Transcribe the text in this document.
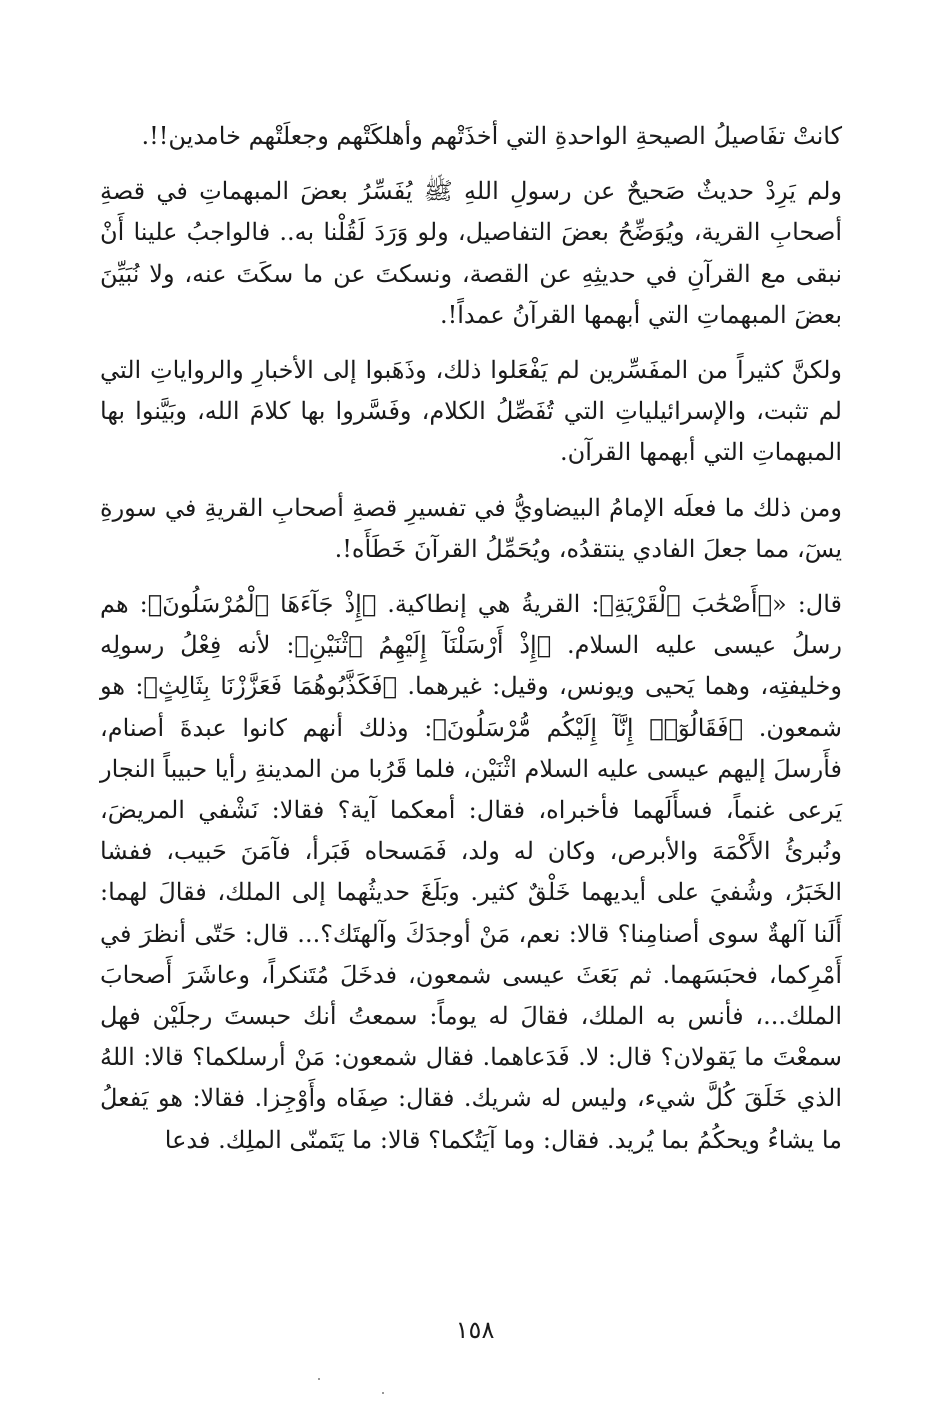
كانتْ تفَاصيلُ الصيحةِ الواحدةِ التي أخذَتْهم وأهلكَتْهم وجعلَتْهم خامدين!!.

ولم يَرِدْ حديثٌ صَحيحٌ عن رسولِ اللهِ ﷺ يُفَسِّرُ بعضَ المبهماتِ في قصةِ أصحابِ القرية، ويُوَضِّحُ بعضَ التفاصيل، ولو وَرَدَ لَقُلْنا به.. فالواجبُ علينا أَنْ نبقى مع القرآنِ في حديثِهِ عن القصة، ونسكتَ عن ما سكَتَ عنه، ولا نُبَيِّنَ بعضَ المبهماتِ التي أبهمها القرآنُ عمداً!.

ولكنَّ كثيراً من المفَسِّرين لم يَفْعَلوا ذلك، وذَهَبوا إلى الأخبارِ والرواياتِ التي لم تثبت، والإسرائيلياتِ التي تُفَصِّلُ الكلام، وفَسَّروا بها كلامَ الله، وبَيَّنوا بها المبهماتِ التي أبهمها القرآن.

ومن ذلك ما فعلَه الإمامُ البيضاويُّ في تفسيرِ قصةِ أصحابِ القريةِ في سورةِ يسٓ، مما جعلَ الفادي ينتقدُه، ويُحَمِّلُ القرآنَ خَطَأَه!.

قال: «﴿أَصْحَٰبَ ٱلْقَرْيَةِ﴾: القريةُ هي إنطاكية. ﴿إِذْ جَآءَهَا ٱلْمُرْسَلُونَ﴾: هم رسلُ عيسى عليه السلام. ﴿إِذْ أَرْسَلْنَآ إِلَيْهِمُ ٱثْنَيْنِ﴾: لأنه فِعْلُ رسولِه وخليفتِه، وهما يَحيى ويونس، وقيل: غيرهما. ﴿فَكَذَّبُوهُمَا فَعَزَّزْنَا بِثَالِثٍ﴾: هو شمعون. ﴿فَقَالُوٓا۟ إِنَّآ إِلَيْكُم مُّرْسَلُونَ﴾: وذلك أنهم كانوا عبدةَ أصنام، فأَرسلَ إليهم عيسى عليه السلام اثْنَيْن، فلما قَرُبا من المدينةِ رأيا حبيباً النجار يَرعى غنماً، فسأَلَهما فأخبراه، فقال: أمعكما آية؟ فقالا: نَشْفي المريضَ، ونُبرئُ الأَكْمَهَ والأبرص، وكان له ولد، فَمَسحاه فَبَرأ، فآمَنَ حَبيب، ففشا الخَبَرُ، وشُفيَ على أيديهما خَلْقٌ كثير. وبَلَغَ حديثُهما إلى الملك، فقالَ لهما: أَلَنا آلهةٌ سوى أصنامِنا؟ قالا: نعم، مَنْ أوجدَكَ وآلهتَك؟... قال: حَتّى أنظرَ في أَمْرِكما، فحبَسَهما. ثم بَعَثَ عيسى شمعون، فدخَلَ مُتَنكراً، وعاشَرَ أَصحابَ الملك...، فأنس به الملك، فقالَ له يوماً: سمعتُ أنك حبستَ رجلَيْن فهل سمعْتَ ما يَقولان؟ قال: لا. فَدَعاهما. فقال شمعون: مَنْ أرسلكما؟ قالا: اللهُ الذي خَلَقَ كُلَّ شيء، وليس له شريك. فقال: صِفَاه وأَوْجِزا. فقالا: هو يَفعلُ ما يشاءُ ويحكُمُ بما يُريد. فقال: وما آيَتُكما؟ قالا: ما يَتَمنّى الملِك. فدعا

١٥٨
